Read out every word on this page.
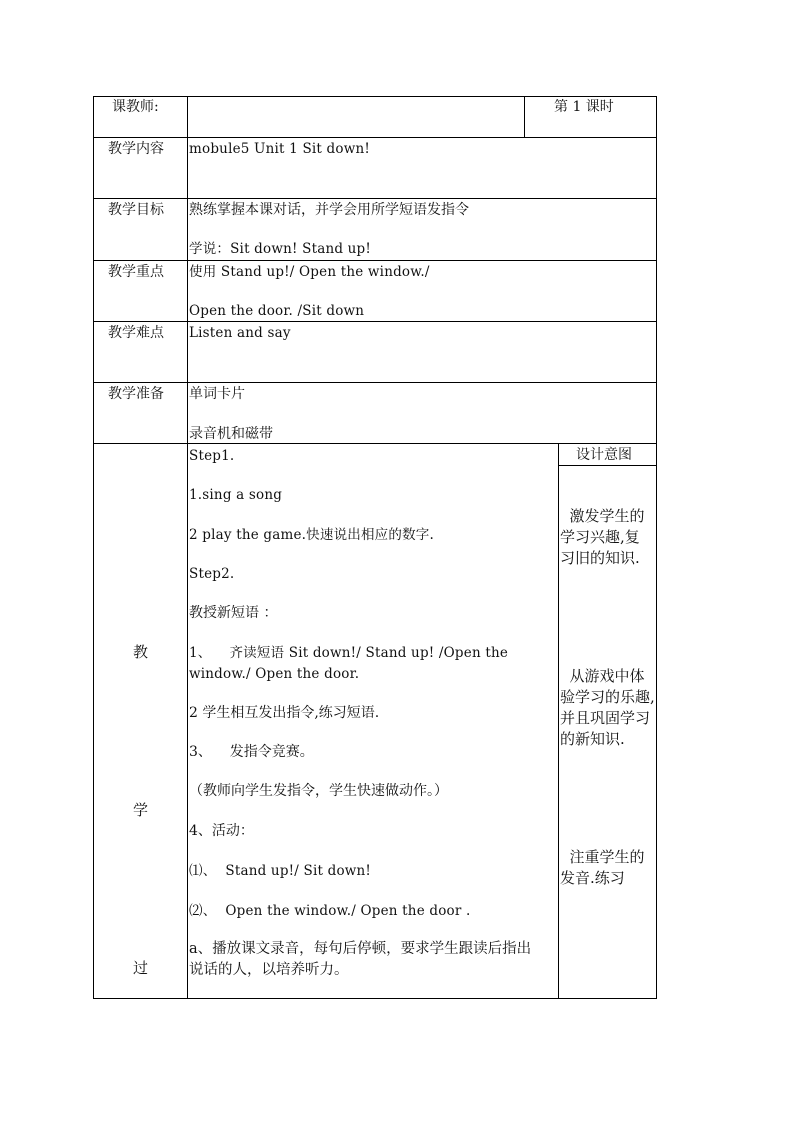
课教师:	第 1 课时
教学内容 mobule5 Unit 1 Sit down!
教学目标 熟练掌握本课对话，并学会用所学短语发指令
学说：Sit down! Stand up!
教学重点 使用 Stand up!/ Open the window./
Open the door. /Sit down
教学难点 Listen and say
教学准备 单词卡片
录音机和磁带
教
学
过
设计意图
Step1.
1.sing a song
2 play the game.快速说出相应的数字.
Step2.
教授新短语 ：
1、    齐读短语 Sit down!/ Stand up! /Open the
window./ Open the door.
2 学生相互发出指令,练习短语.
3、    发指令竞赛。
（教师向学生发指令，学生快速做动作。）
4、活动：
⑴、  Stand up!/ Sit down!
⑵、  Open the window./ Open the door .
a、播放课文录音，每句后停顿，要求学生跟读后指出
说话的人，以培养听力。
激发学生的
学习兴趣,复
习旧的知识.
从游戏中体
验学习的乐趣,
并且巩固学习
的新知识.
注重学生的
发音.练习
